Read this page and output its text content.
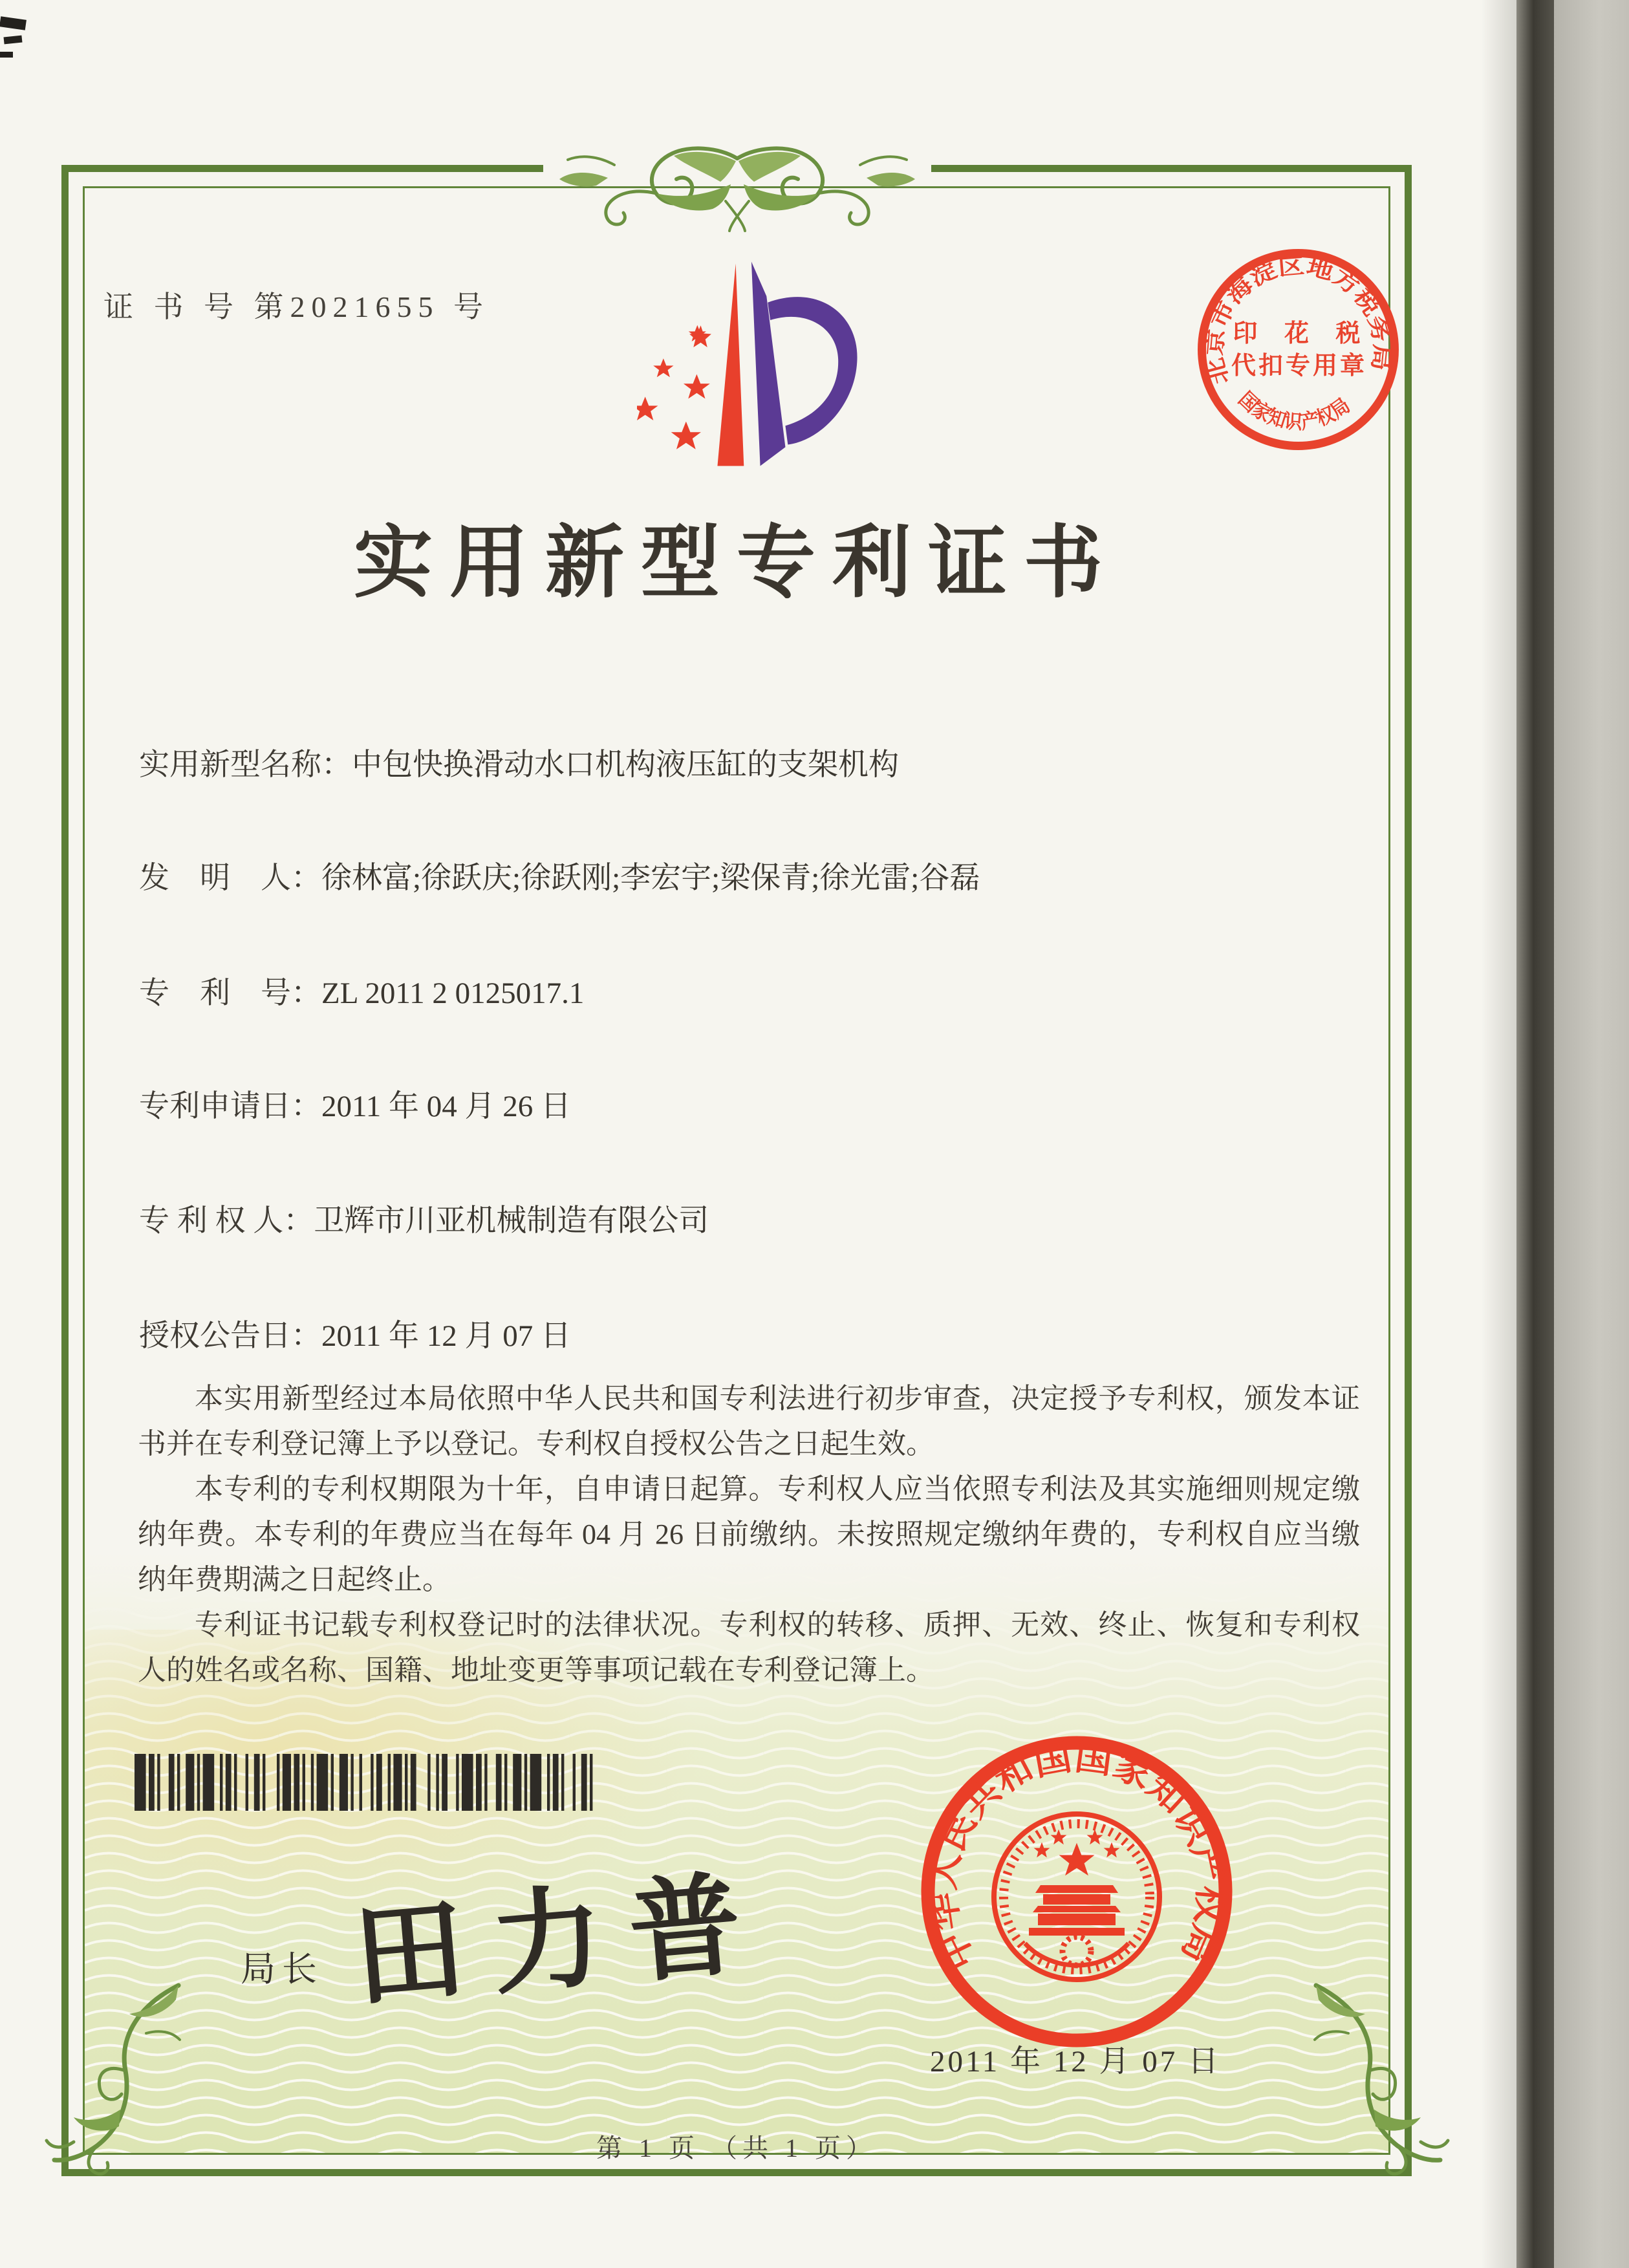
证 书 号 第2021655 号
北京市海淀区地方税务局
国家知识产权局
印 花 税
代扣专用章
实用新型专利证书
实用新型名称：中包快换滑动水口机构液压缸的支架机构
发　明　人：徐林富;徐跃庆;徐跃刚;李宏宇;梁保青;徐光雷;谷磊
专　利　号：ZL 2011 2 0125017.1
专利申请日：2011 年 04 月 26 日
专 利 权 人：卫辉市川亚机械制造有限公司
授权公告日：2011 年 12 月 07 日

本实用新型经过本局依照中华人民共和国专利法进行初步审查，决定授予专利权，颁发本证书并在专利登记簿上予以登记。专利权自授权公告之日起生效。

本专利的专利权期限为十年，自申请日起算。专利权人应当依照专利法及其实施细则规定缴纳年费。本专利的年费应当在每年 04 月 26 日前缴纳。未按照规定缴纳年费的，专利权自应当缴纳年费期满之日起终止。

专利证书记载专利权登记时的法律状况。专利权的转移、质押、无效、终止、恢复和专利权人的姓名或名称、国籍、地址变更等事项记载在专利登记簿上。

局长 田力普	中华人民共和国国家知识产权局
2011 年 12 月 07 日
第 1 页 （共 1 页）
